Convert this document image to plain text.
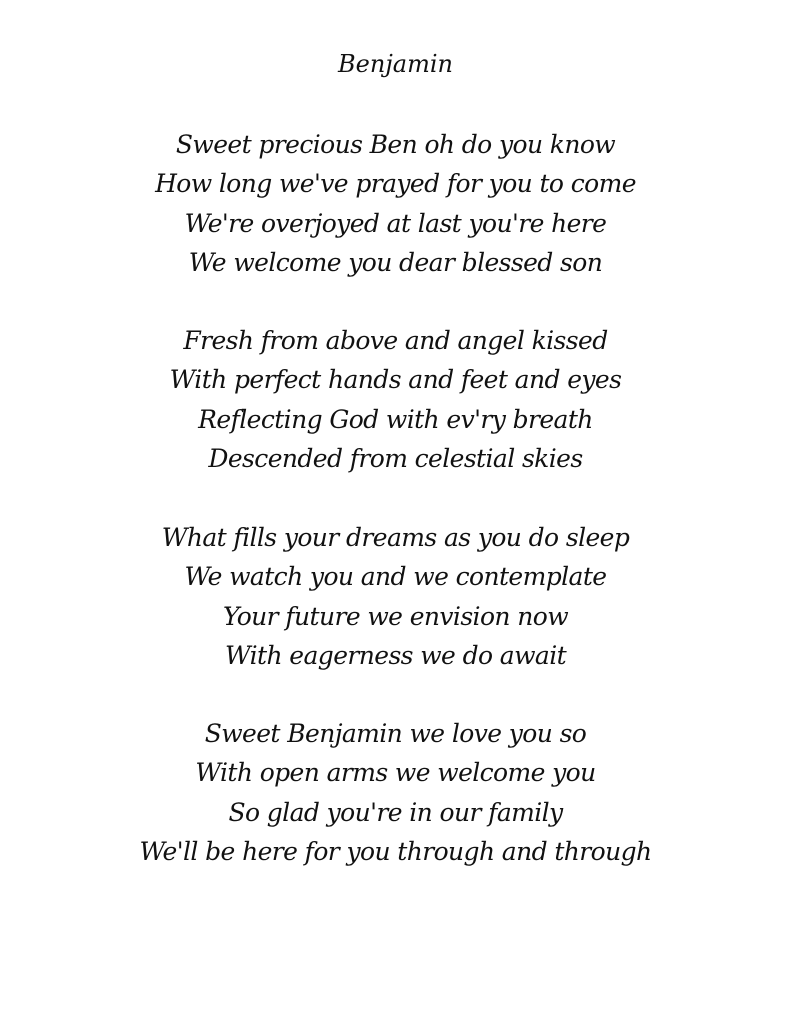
Benjamin
Sweet precious Ben oh do you know
How long we've prayed for you to come
We're overjoyed at last you're here
We welcome you dear blessed son
Fresh from above and angel kissed
With perfect hands and feet and eyes
Reflecting God with ev'ry breath
Descended from celestial skies
What fills your dreams as you do sleep
We watch you and we contemplate
Your future we envision now
With eagerness we do await
Sweet Benjamin we love you so
With open arms we welcome you
So glad you're in our family
We'll be here for you through and through
